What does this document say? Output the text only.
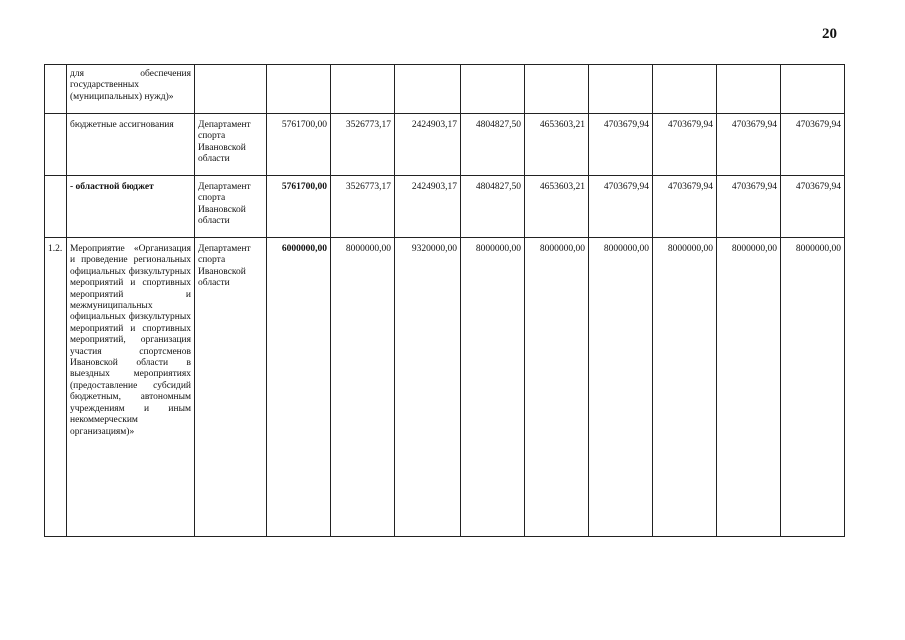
20
	для обеспечения государственных (муниципальных) нужд)»										
	бюджетные ассигнования	Департамент спорта Ивановской области	5761700,00	3526773,17	2424903,17	4804827,50	4653603,21	4703679,94	4703679,94	4703679,94	4703679,94
	- областной бюджет	Департамент спорта Ивановской области	5761700,00	3526773,17	2424903,17	4804827,50	4653603,21	4703679,94	4703679,94	4703679,94	4703679,94
1.2.	Мероприятие «Организация и проведение региональных официальных физкультурных мероприятий и спортивных мероприятий и межмуниципальных официальных физкультурных мероприятий и спортивных мероприятий, организация участия спортсменов Ивановской области в выездных мероприятиях (предоставление субсидий бюджетным, автономным учреждениям и иным некоммерческим организациям)»	Департамент спорта Ивановской области	6000000,00	8000000,00	9320000,00	8000000,00	8000000,00	8000000,00	8000000,00	8000000,00	8000000,00
